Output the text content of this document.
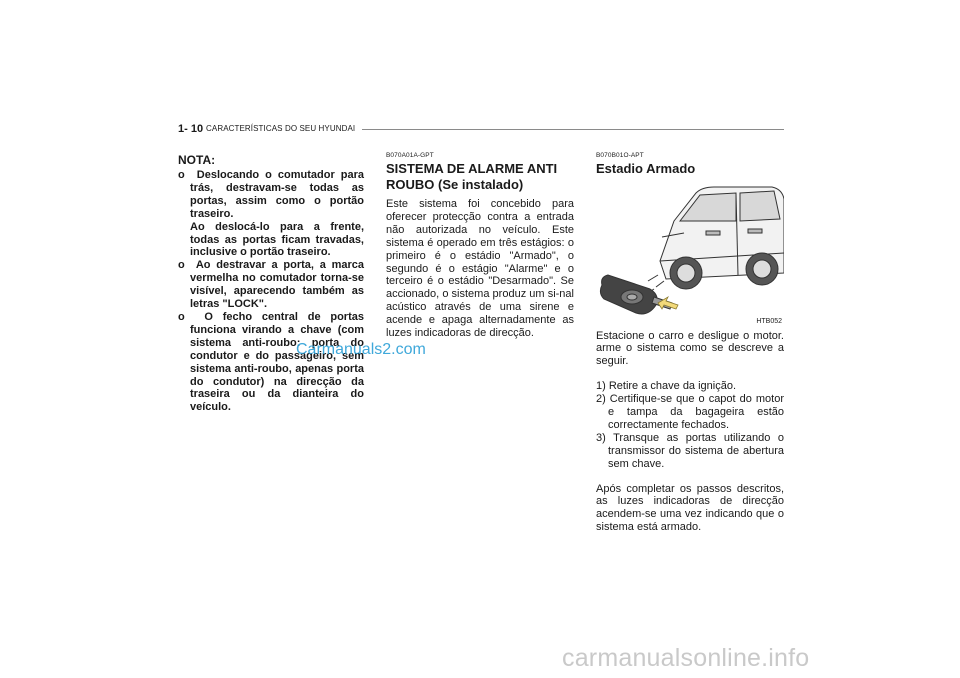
1- 10 CARACTERÍSTICAS DO SEU HYUNDAI
NOTA:
o Deslocando o comutador para trás, destravam-se todas as portas, assim como o portão traseiro.
Ao deslocá-lo para a frente, todas as portas ficam travadas, inclusive o portão traseiro.
o Ao destravar a porta, a marca vermelha no comutador torna-se visível, aparecendo também as letras "LOCK".
o O fecho central de portas funciona virando a chave (com sistema anti-roubo: porta do condutor e do passageiro, sem sistema anti-roubo, apenas porta do condutor) na direcção da traseira ou da dianteira do veículo.
B070A01A-GPT
SISTEMA DE ALARME ANTI ROUBO (Se instalado)

Este sistema foi concebido para oferecer protecção contra a entrada não autorizada no veículo. Este sistema é operado em três estágios: o primeiro é o estádio "Armado", o segundo é o estágio "Alarme" e o terceiro é o estádio "Desarmado". Se accionado, o sistema produz um si-nal acústico através de uma sirene e acende e apaga alternadamente as luzes indicadoras de direcção.

B070B01O-APT
Estadio Armado
HTB052

Estacione o carro e desligue o motor. arme o sistema como se descreve a seguir.

1) Retire a chave da ignição.
2) Certifique-se que o capot do motor e tampa da bagageira estão correctamente fechados.
3) Transque as portas utilizando o transmissor do sistema de abertura sem chave.

Após completar os passos descritos, as luzes indicadoras de direcção acendem-se uma vez indicando que o sistema está armado.

Carmanuals2.com
carmanualsonline.info
